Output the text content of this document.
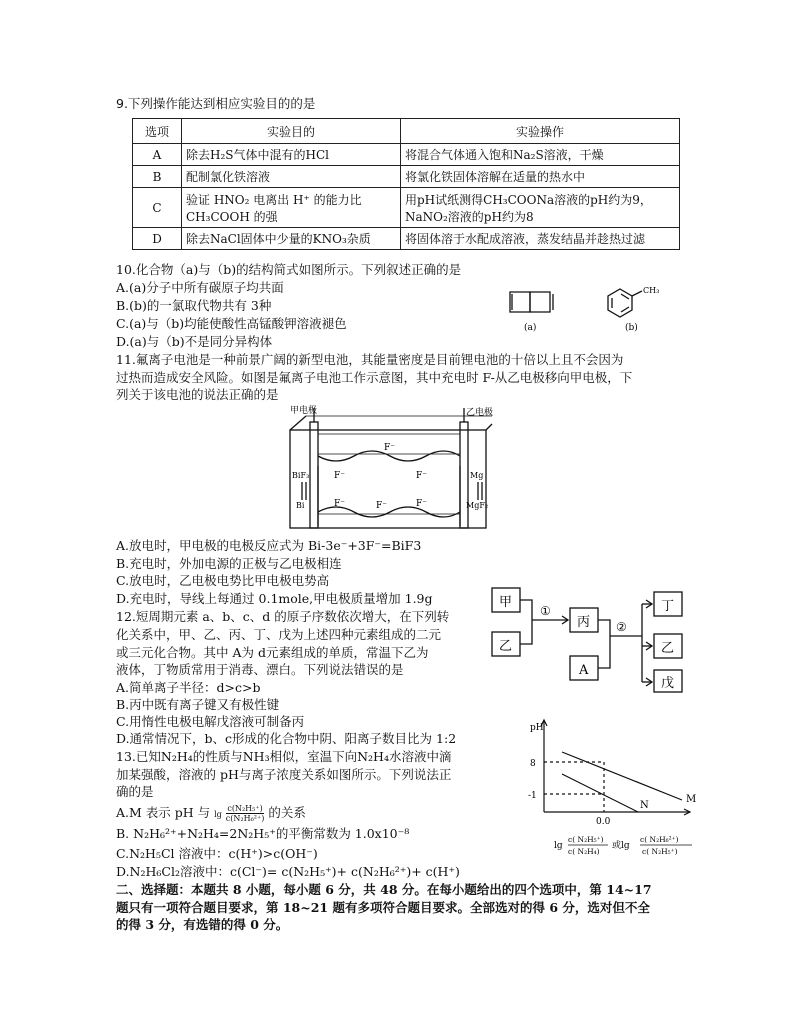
9.下列操作能达到相应实验目的的是
选项	实验目的	实验操作
A	除去H₂S气体中混有的HCl	将混合气体通入饱和Na₂S溶液，干燥
B	配制氯化铁溶液	将氯化铁固体溶解在适量的热水中
C	验证 HNO₂ 电离出 H⁺ 的能力比 CH₃COOH 的强	用pH试纸测得CH₃COONa溶液的pH约为9，NaNO₂溶液的pH约为8
D	除去NaCl固体中少量的KNO₃杂质	将固体溶于水配成溶液，蒸发结晶并趁热过滤
10.化合物（a)与（b)的结构简式如图所示。下列叙述正确的是
A.(a)分子中所有碳原子均共面
B.(b)的一氯取代物共有 3种
C.(a)与（b)均能使酸性高锰酸钾溶液褪色
D.(a)与（b)不是同分异构体
(a)
CH₃
(b)
11.氟离子电池是一种前景广阔的新型电池，其能量密度是目前锂电池的十倍以上且不会因为
过热而造成安全风险。如图是氟离子电池工作示意图，其中充电时 F-从乙电极移向甲电极，下
列关于该电池的说法正确的是
甲电极	乙电极
F⁻
F⁻	F⁻
F⁻	F⁻	F⁻
BiF₃
Bi
Mg
MgF₂
A.放电时，甲电极的电极反应式为 Bi-3e⁻+3F⁻=BiF3
B.充电时，外加电源的正极与乙电极相连
C.放电时，乙电极电势比甲电极电势高
D.充电时，导线上每通过 0.1mole,甲电极质量增加 1.9g
12.短周期元素 a、b、c、d 的原子序数依次增大，在下列转
化关系中，甲、乙、丙、丁、戊为上述四种元素组成的二元
或三元化合物。其中 A为 d元素组成的单质，常温下乙为
液体，丁物质常用于消毒、漂白。下列说法错误的是
A.简单离子半径：d>c>b
B.丙中既有离子键又有极性键
C.用惰性电极电解戊溶液可制备丙
D.通常情况下，b、c形成的化合物中阴、阳离子数目比为 1:2
甲
乙
丙
A
丁
乙
戊
①
②
13.已知N₂H₄的性质与NH₃相似，室温下向N₂H₄水溶液中滴
加某强酸，溶液的 pH与离子浓度关系如图所示。下列说法正
确的是
A.M 表示 pH 与 $\lg \frac{\text{c(N₂H₅⁺)}}{\text{c(N₂H₆²⁺)}}$ 的关系
B. N₂H₆²⁺+N₂H₄=2N₂H₅⁺的平衡常数为 1.0x10⁻⁸
C.N₂H₅Cl 溶液中：c(H⁺)>c(OH⁻)
D.N₂H₆Cl₂溶液中：c(Cl⁻)= c(N₂H₅⁺)+ c(N₂H₆²⁺)+ c(H⁺)
pH
8
-1
0.0
M
N
lg
c( N₂H₅⁺)
c( N₂H₄)
或lg
c( N₂H₆²⁺)
c( N₂H₅⁺)
二、选择题：本题共 8 小题，每小题 6 分，共 48 分。在每小题给出的四个选项中，第 14~17
题只有一项符合题目要求，第 18~21 题有多项符合题目要求。全部选对的得 6 分，选对但不全
的得 3 分，有选错的得 0 分。
